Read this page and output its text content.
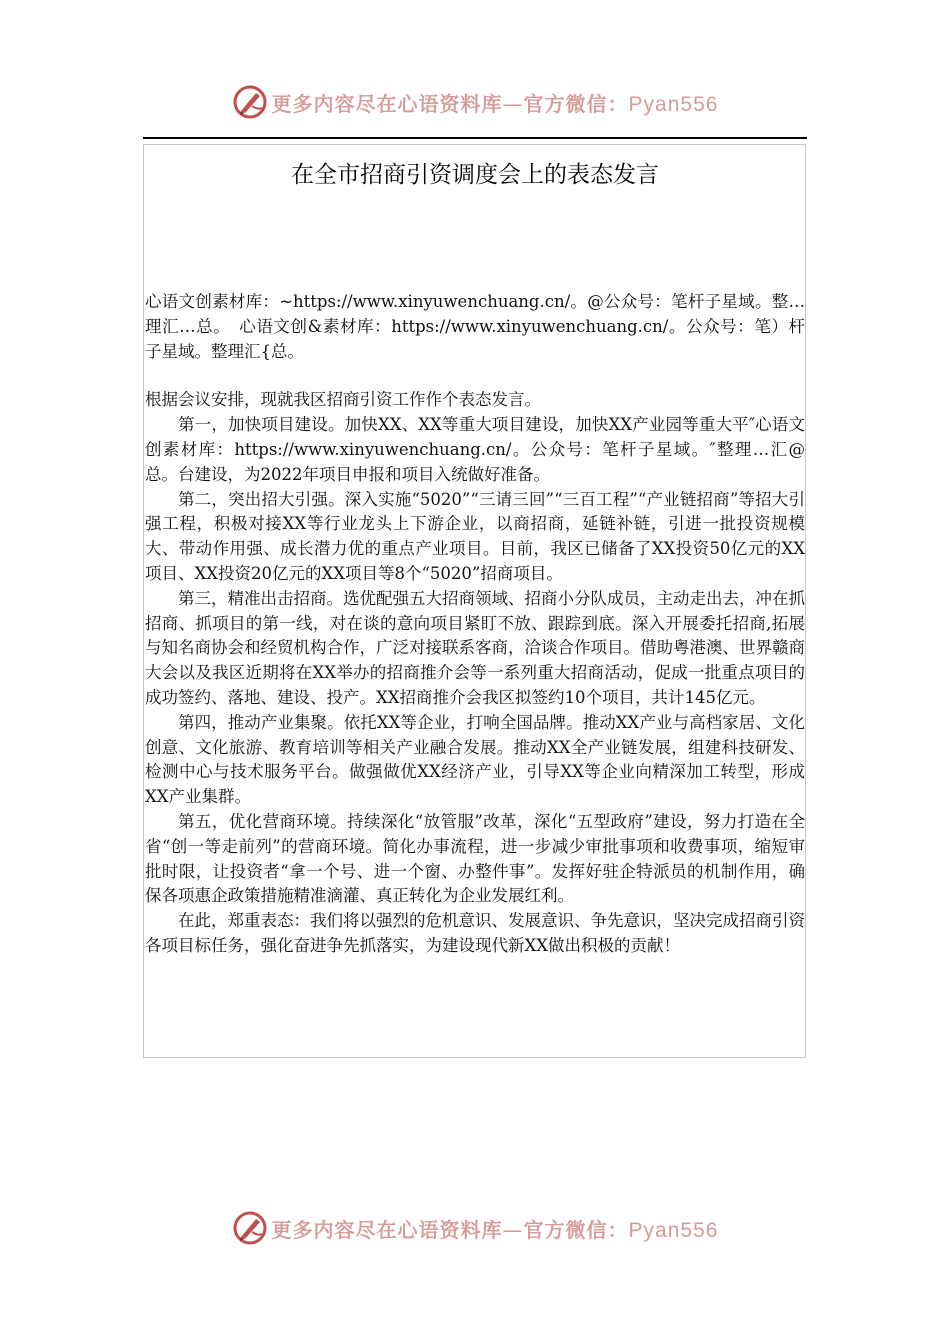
更多内容尽在心语资料库—官方微信：Pyan556
在全市招商引资调度会上的表态发言

心语文创素材库：~https://www.xinyuwenchuang.cn/。@公众号：笔杆子星域。整…理汇…总。　心语文创&素材库：https://www.xinyuwenchuang.cn/。公众号：笔）杆子星域。整理汇{总。

根据会议安排，现就我区招商引资工作作个表态发言。

第一，加快项目建设。加快XX、XX等重大项目建设，加快XX产业园等重大平″心语文创素材库：https://www.xinyuwenchuang.cn/。公众号：笔杆子星域。″整理…汇@总。台建设，为2022年项目申报和项目入统做好准备。

第二，突出招大引强。深入实施“5020”“三请三回”“三百工程”“产业链招商”等招大引强工程，积极对接XX等行业龙头上下游企业，以商招商，延链补链，引进一批投资规模大、带动作用强、成长潜力优的重点产业项目。目前，我区已储备了XX投资50亿元的XX项目、XX投资20亿元的XX项目等8个“5020”招商项目。

第三，精准出击招商。选优配强五大招商领域、招商小分队成员，主动走出去，冲在抓招商、抓项目的第一线，对在谈的意向项目紧盯不放、跟踪到底。深入开展委托招商,拓展与知名商协会和经贸机构合作，广泛对接联系客商，洽谈合作项目。借助粤港澳、世界赣商大会以及我区近期将在XX举办的招商推介会等一系列重大招商活动，促成一批重点项目的成功签约、落地、建设、投产。XX招商推介会我区拟签约10个项目，共计145亿元。

第四，推动产业集聚。依托XX等企业，打响全国品牌。推动XX产业与高档家居、文化创意、文化旅游、教育培训等相关产业融合发展。推动XX全产业链发展，组建科技研发、检测中心与技术服务平台。做强做优XX经济产业，引导XX等企业向精深加工转型，形成XX产业集群。

第五，优化营商环境。持续深化“放管服”改革，深化“五型政府”建设，努力打造在全省“创一等走前列”的营商环境。简化办事流程，进一步减少审批事项和收费事项，缩短审批时限，让投资者“拿一个号、进一个窗、办整件事”。发挥好驻企特派员的机制作用，确保各项惠企政策措施精准滴灌、真正转化为企业发展红利。

在此，郑重表态：我们将以强烈的危机意识、发展意识、争先意识，坚决完成招商引资各项目标任务，强化奋进争先抓落实，为建设现代新XX做出积极的贡献！

更多内容尽在心语资料库—官方微信：Pyan556
